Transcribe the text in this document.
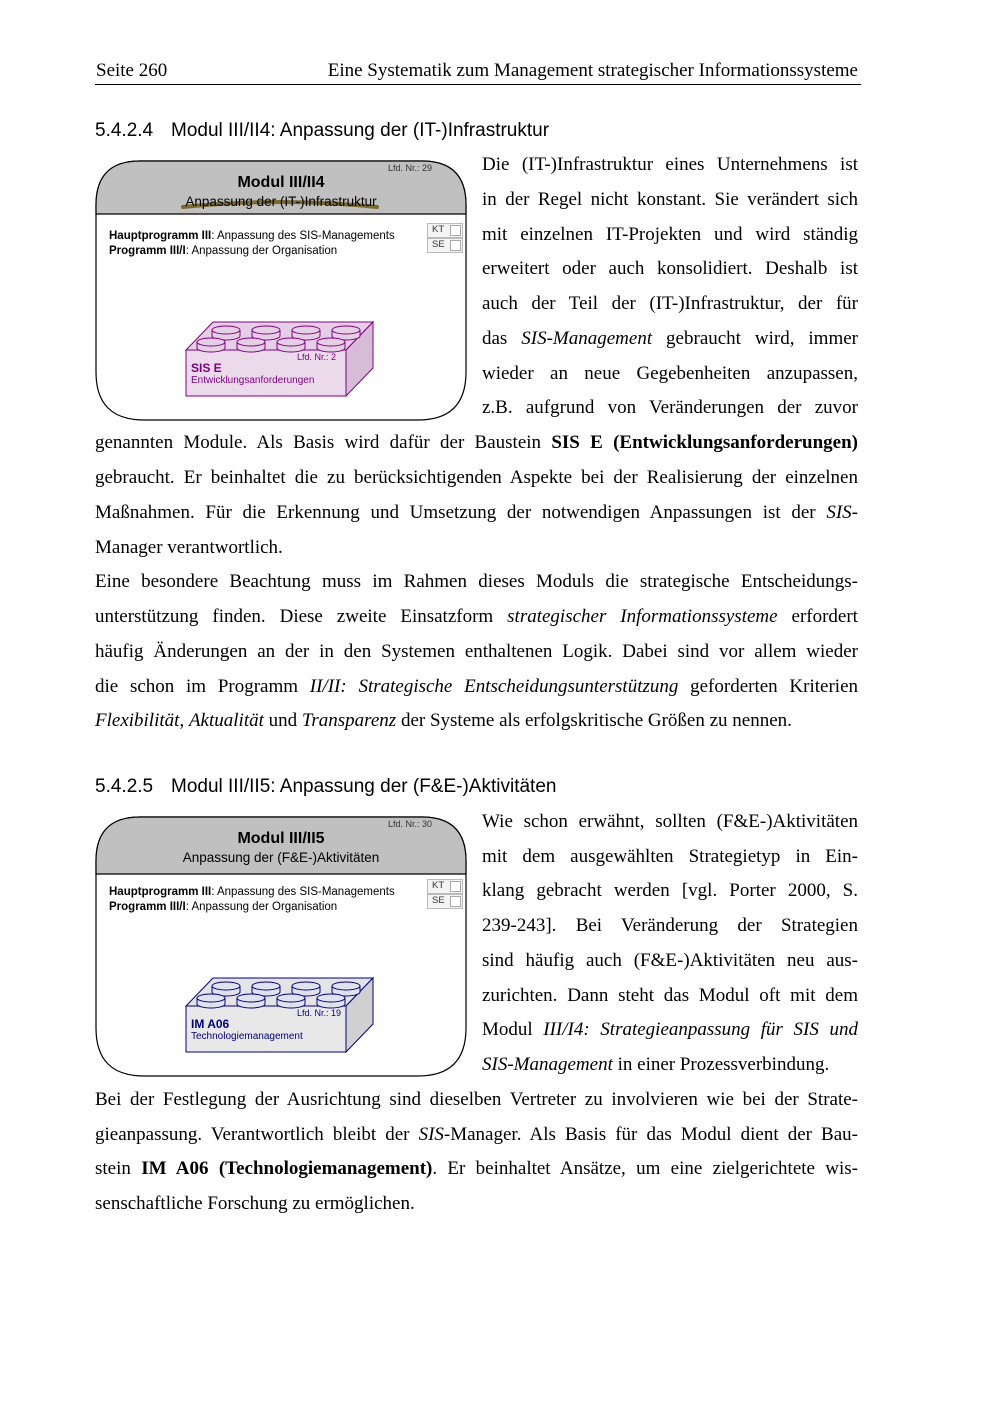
Seite 260	Eine Systematik zum Management strategischer Informationssysteme
5.4.2.4 Modul III/II4: Anpassung der (IT-)Infrastruktur
Lfd. Nr.: 29
Modul III/II4
Anpassung der (IT-)Infrastruktur
Hauptprogramm III: Anpassung des SIS-Managements
Programm III/I: Anpassung der Organisation
KT
SE
Lfd. Nr.: 2
SIS E
Entwicklungsanforderungen
Die (IT-)Infrastruktur eines Unternehmens ist
in der Regel nicht konstant. Sie verändert sich
mit einzelnen IT-Projekten und wird ständig
erweitert oder auch konsolidiert. Deshalb ist
auch der Teil der (IT-)Infrastruktur, der für
das SIS-Management gebraucht wird, immer
wieder an neue Gegebenheiten anzupassen,
z.B. aufgrund von Veränderungen der zuvor
genannten Module. Als Basis wird dafür der Baustein SIS E (Entwicklungsanforderungen)
gebraucht. Er beinhaltet die zu berücksichtigenden Aspekte bei der Realisierung der einzelnen
Maßnahmen. Für die Erkennung und Umsetzung der notwendigen Anpassungen ist der SIS-
Manager verantwortlich.
Eine besondere Beachtung muss im Rahmen dieses Moduls die strategische Entscheidungs-
unterstützung finden. Diese zweite Einsatzform strategischer Informationssysteme erfordert
häufig Änderungen an der in den Systemen enthaltenen Logik. Dabei sind vor allem wieder
die schon im Programm II/II: Strategische Entscheidungsunterstützung geforderten Kriterien
Flexibilität, Aktualität und Transparenz der Systeme als erfolgskritische Größen zu nennen.
5.4.2.5 Modul III/II5: Anpassung der (F&E-)Aktivitäten
Lfd. Nr.: 30
Modul III/II5
Anpassung der (F&E-)Aktivitäten
Hauptprogramm III: Anpassung des SIS-Managements
Programm III/I: Anpassung der Organisation
KT
SE
Lfd. Nr.: 19
IM A06
Technologiemanagement
Wie schon erwähnt, sollten (F&E-)Aktivitäten
mit dem ausgewählten Strategietyp in Ein-
klang gebracht werden [vgl. Porter 2000, S.
239-243]. Bei Veränderung der Strategien
sind häufig auch (F&E-)Aktivitäten neu aus-
zurichten. Dann steht das Modul oft mit dem
Modul III/I4: Strategieanpassung für SIS und
SIS-Management in einer Prozessverbindung.
Bei der Festlegung der Ausrichtung sind dieselben Vertreter zu involvieren wie bei der Strate-
gieanpassung. Verantwortlich bleibt der SIS-Manager. Als Basis für das Modul dient der Bau-
stein IM A06 (Technologiemanagement). Er beinhaltet Ansätze, um eine zielgerichtete wis-
senschaftliche Forschung zu ermöglichen.
